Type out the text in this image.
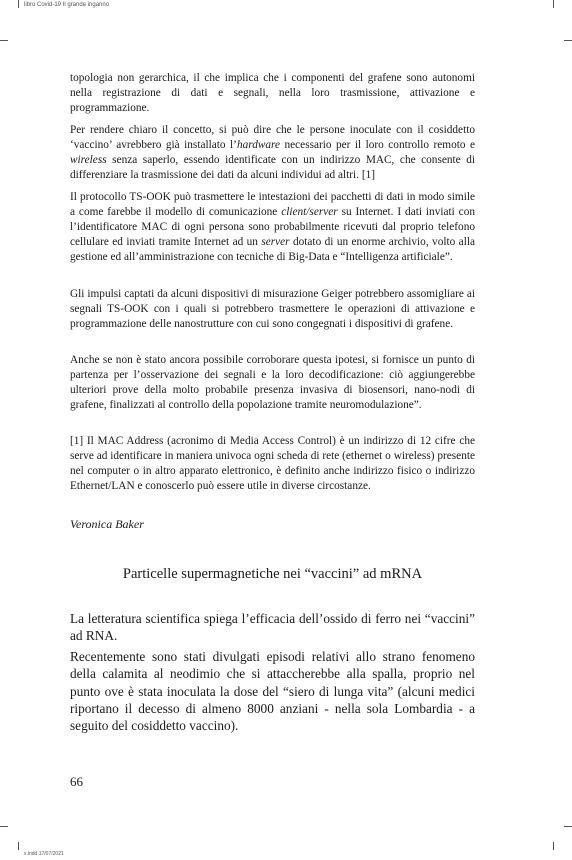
libro Covid-19 Il grande inganno

topologia non gerarchica, il che implica che i componenti del grafene sono autonomi nella registrazione di dati e segnali, nella loro trasmissione, attivazione e programmazione.

Per rendere chiaro il concetto, si può dire che le persone inoculate con il cosiddetto ‘vaccino’ avrebbero già installato l’hardware necessario per il loro controllo remoto e wireless senza saperlo, essendo identificate con un indirizzo MAC, che consente di differenziare la trasmissione dei dati da alcuni individui ad altri. [1]

Il protocollo TS-OOK può trasmettere le intestazioni dei pacchetti di dati in modo simile a come farebbe il modello di comunicazione client/server su Internet. I dati inviati con l’identificatore MAC di ogni persona sono probabilmente ricevuti dal proprio telefono cellulare ed inviati tramite Internet ad un server dotato di un enorme archivio, volto alla gestione ed all’amministrazione con tecniche di Big-Data e “Intelligenza artificiale”.

Gli impulsi captati da alcuni dispositivi di misurazione Geiger potrebbero assomigliare ai segnali TS-OOK con i quali si potrebbero trasmettere le operazioni di attivazione e programmazione delle nanostrutture con cui sono congegnati i dispositivi di grafene.

Anche se non è stato ancora possibile corroborare questa ipotesi, si fornisce un punto di partenza per l’osservazione dei segnali e la loro decodificazione: ciò aggiungerebbe ulteriori prove della molto probabile presenza invasiva di biosensori, nano-nodi di grafene, finalizzati al controllo della popolazione tramite neuromodulazione”.

[1] Il MAC Address (acronimo di Media Access Control) è un indirizzo di 12 cifre che serve ad identificare in maniera univoca ogni scheda di rete (ethernet o wireless) presente nel computer o in altro apparato elettronico, è definito anche indirizzo fisico o indirizzo Ethernet/LAN e conoscerlo può essere utile in diverse circostanze.

Veronica Baker

Particelle supermagnetiche nei “vaccini” ad mRNA

La letteratura scientifica spiega l’efficacia dell’ossido di ferro nei “vaccini” ad RNA.

Recentemente sono stati divulgati episodi relativi allo strano fenomeno della calamita al neodimio che si attaccherebbe alla spalla, proprio nel punto ove è stata inoculata la dose del “siero di lunga vita” (alcuni medici riportano il decesso di almeno 8000 anziani - nella sola Lombardia - a seguito del cosiddetto vaccino).

66
x.indd 17/07/2021
